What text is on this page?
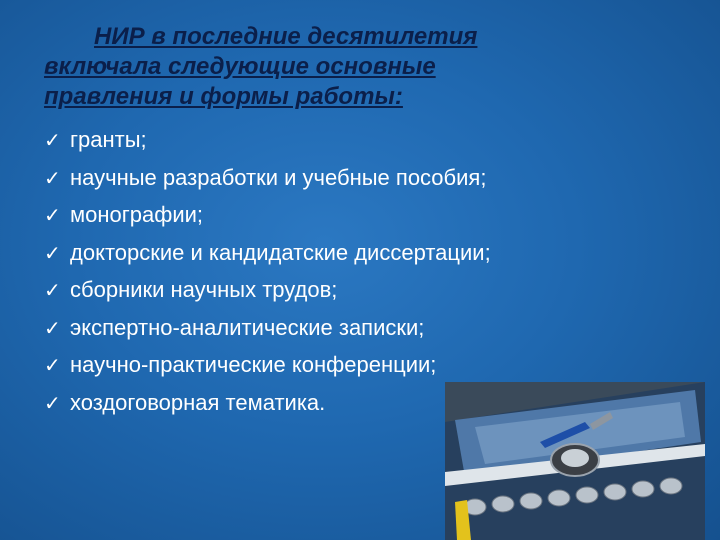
НИР в последние десятилетия
включала следующие основные
правления и формы работы:
✓ гранты;
✓ научные разработки и учебные пособия;
✓ монографии;
✓ докторские и кандидатские диссертации;
✓ сборники научных трудов;
✓ экспертно-аналитические записки;
✓ научно-практические конференции;
✓ хоздоговорная тематика.
